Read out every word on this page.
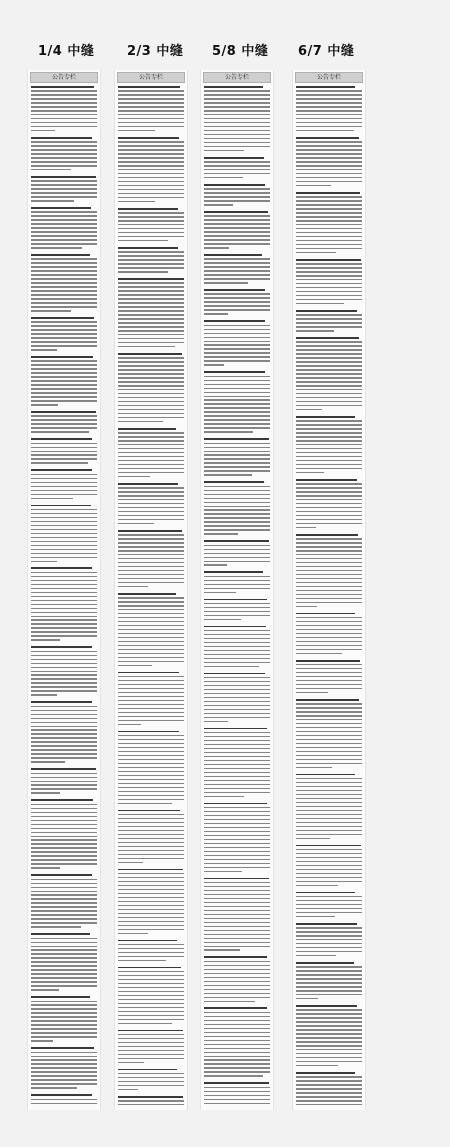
1/4 中缝	2/3 中缝 5/8 中缝 6/7 中缝
公告专栏	公告专栏	公告专栏	公告专栏
